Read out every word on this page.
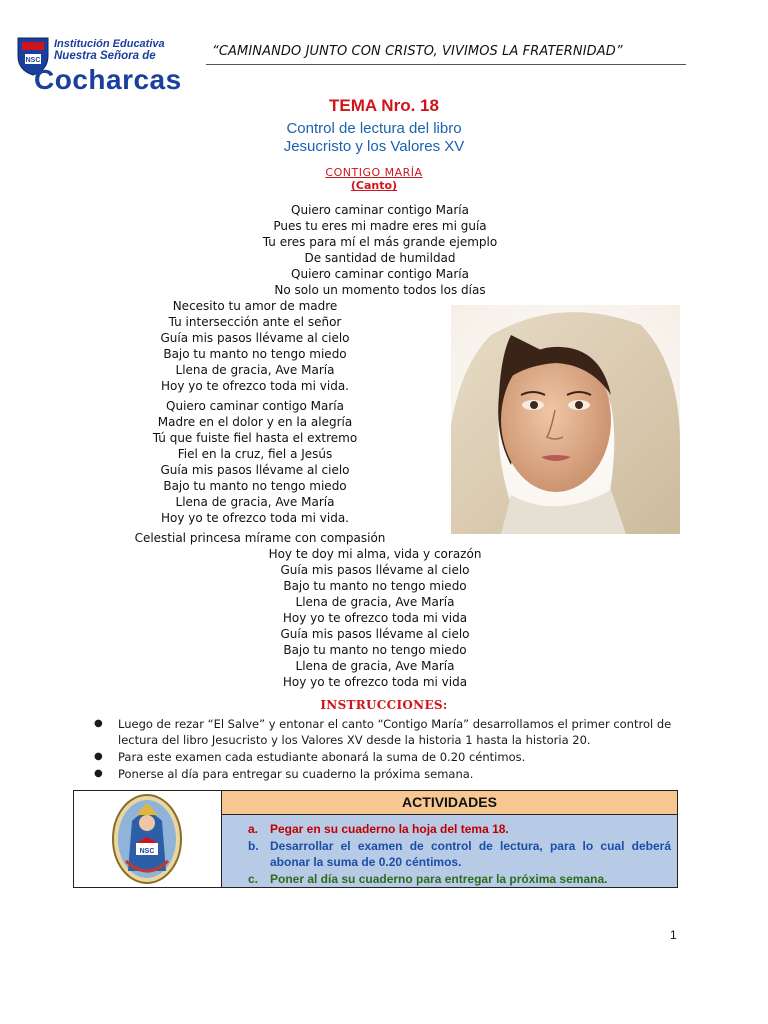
NSC
Institución Educativa
Nuestra Señora de
Cocharcas
“CAMINANDO JUNTO CON CRISTO, VIVIMOS LA FRATERNIDAD”
TEMA Nro. 18
Control de lectura del libro
Jesucristo y los Valores XV
CONTIGO MARÍA
(Canto)
Quiero caminar contigo María
Pues tu eres mi madre eres mi guía
Tu eres para mí el más grande ejemplo
De santidad de humildad
Quiero caminar contigo María
No solo un momento todos los días
Necesito tu amor de madre
Tu intersección ante el señor
Guía mis pasos llévame al cielo
Bajo tu manto no tengo miedo
Llena de gracia, Ave María
Hoy yo te ofrezco toda mi vida.
Quiero caminar contigo María
Madre en el dolor y en la alegría
Tú que fuiste fiel hasta el extremo
Fiel en la cruz, fiel a Jesús
Guía mis pasos llévame al cielo
Bajo tu manto no tengo miedo
Llena de gracia, Ave María
Hoy yo te ofrezco toda mi vida.
Celestial princesa mírame con compasión
Hoy te doy mi alma, vida y corazón
Guía mis pasos llévame al cielo
Bajo tu manto no tengo miedo
Llena de gracia, Ave María
Hoy yo te ofrezco toda mi vida
Guía mis pasos llévame al cielo
Bajo tu manto no tengo miedo
Llena de gracia, Ave María
Hoy yo te ofrezco toda mi vida
INSTRUCCIONES:
● Luego de rezar “El Salve” y entonar el canto “Contigo María” desarrollamos el primer control de lectura del libro Jesucristo y los Valores XV desde la historia 1 hasta la historia 20.
● Para este examen cada estudiante abonará la suma de 0.20 céntimos.
● Ponerse al día para entregar su cuaderno la próxima semana.
NSC
ACTIVIDADES
a. Pegar en su cuaderno la hoja del tema 18.
b. Desarrollar el examen de control de lectura, para lo cual deberá abonar la suma de 0.20 céntimos.
c. Poner al día su cuaderno para entregar la próxima semana.
1
